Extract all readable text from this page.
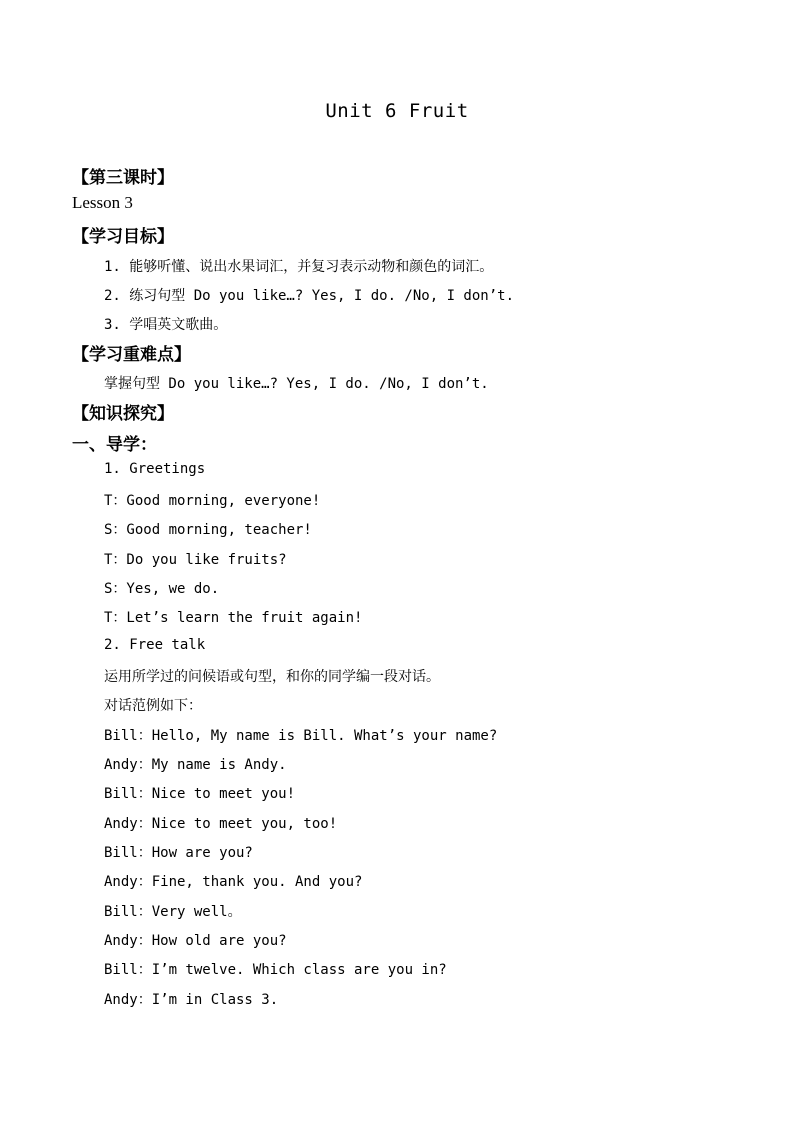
Unit 6 Fruit
【第三课时】
Lesson 3
【学习目标】
1. 能够听懂、说出水果词汇，并复习表示动物和颜色的词汇。
2. 练习句型 Do you like…? Yes, I do. /No, I don’t.
3. 学唱英文歌曲。
【学习重难点】
掌握句型 Do you like…? Yes, I do. /No, I don’t.
【知识探究】
一、导学：
1. Greetings
T：Good morning, everyone!
S：Good morning, teacher!
T：Do you like fruits?
S：Yes, we do.
T：Let’s learn the fruit again!
2. Free talk
运用所学过的问候语或句型，和你的同学编一段对话。
对话范例如下：
Bill：Hello, My name is Bill. What’s your name?
Andy：My name is Andy.
Bill：Nice to meet you!
Andy：Nice to meet you, too!
Bill：How are you?
Andy：Fine, thank you. And you?
Bill：Very well。
Andy：How old are you?
Bill：I’m twelve. Which class are you in?
Andy：I’m in Class 3.
